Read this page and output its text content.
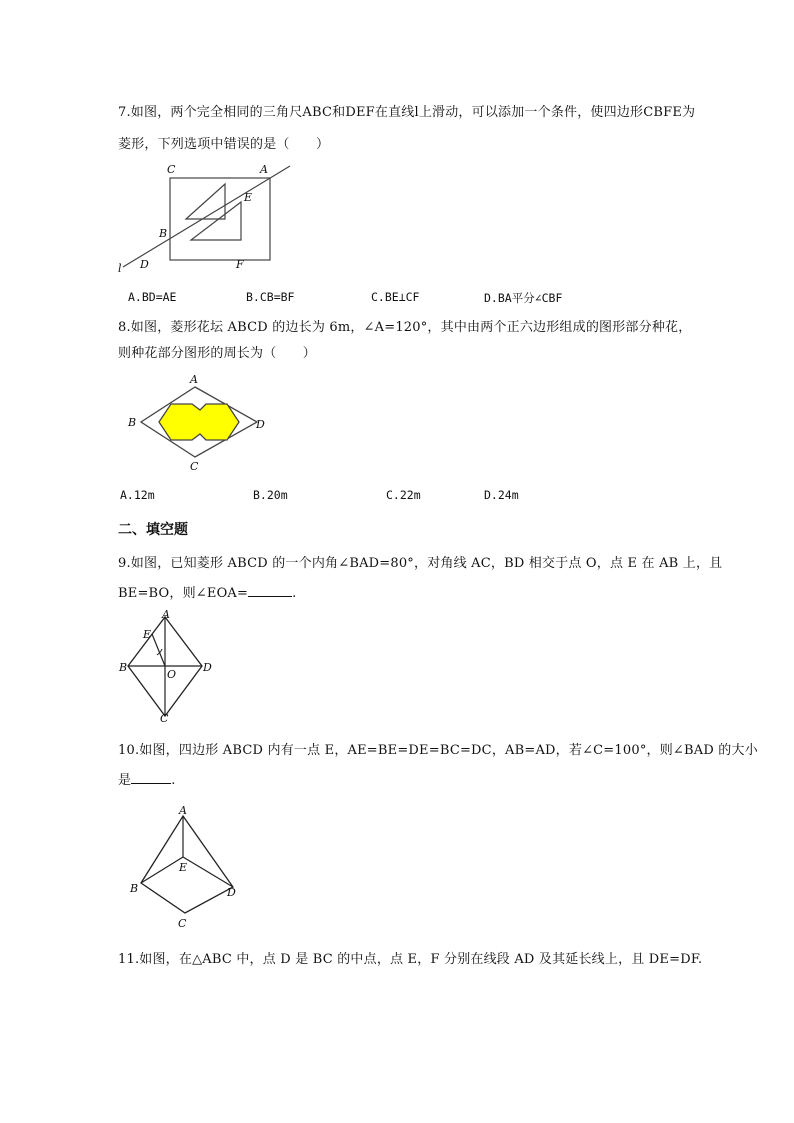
7.如图，两个完全相同的三角尺ABC和DEF在直线l上滑动，可以添加一个条件，使四边形CBFE为
菱形，下列选项中错误的是（　　）
C	A
E
B
D	F
l
A.BD=AE	B.CB=BF	C.BE⊥CF	D.BA平分∠CBF
8.如图，菱形花坛 ABCD 的边长为 6m，∠A=120°，其中由两个正六边形组成的图形部分种花，
则种花部分图形的周长为（　　）
A
B
C
D
A.12m	B.20m	C.22m	D.24m
二、填空题
9.如图，已知菱形 ABCD 的一个内角∠BAD=80°，对角线 AC，BD 相交于点 O，点 E 在 AB 上，且
BE=BO，则∠EOA=	.
A
E
B
O
D
C
10.如图，四边形 ABCD 内有一点 E，AE=BE=DE=BC=DC，AB=AD，若∠C=100°，则∠BAD 的大小
是	.
A
E
B	D
C
11.如图，在△ABC 中，点 D 是 BC 的中点，点 E，F 分别在线段 AD 及其延长线上，且 DE=DF.
